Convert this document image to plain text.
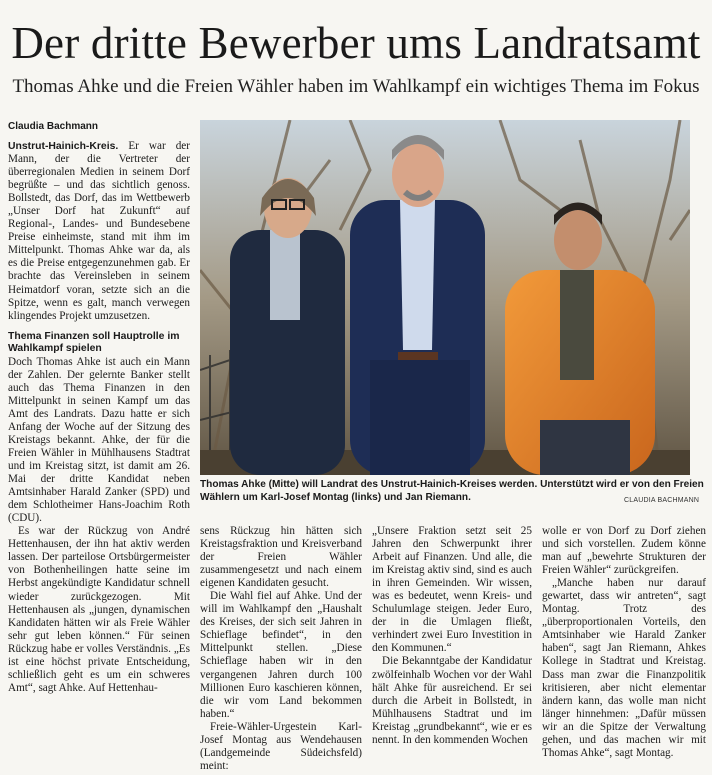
Der dritte Bewerber ums Landratsamt
Thomas Ahke und die Freien Wähler haben im Wahlkampf ein wichtiges Thema im Fokus
Claudia Bachmann

Unstrut-Hainich-Kreis. Er war der Mann, der die Vertreter der überregionalen Medien in seinem Dorf begrüßte – und das sichtlich genoss. Bollstedt, das Dorf, das im Wettbewerb „Unser Dorf hat Zukunft“ auf Regional-, Landes- und Bundesebene Preise einheimste, stand mit ihm im Mittelpunkt. Thomas Ahke war da, als es die Preise entgegenzunehmen gab. Er brachte das Vereinsleben in seinem Heimatdorf voran, setzte sich an die Spitze, wenn es galt, manch verwegen klingendes Projekt umzusetzen.

Thema Finanzen soll Hauptrolle im Wahlkampf spielen

Doch Thomas Ahke ist auch ein Mann der Zahlen. Der gelernte Banker stellt auch das Thema Finanzen in den Mittelpunkt in seinen Kampf um das Amt des Landrats. Dazu hatte er sich Anfang der Woche auf der Sitzung des Kreistags bekannt. Ahke, der für die Freien Wähler in Mühlhausens Stadtrat und im Kreistag sitzt, ist damit am 26. Mai der dritte Kandidat neben Amtsinhaber Harald Zanker (SPD) und dem Schlotheimer Hans-Joachim Roth (CDU).

Es war der Rückzug von André Hettenhausen, der ihn hat aktiv werden lassen. Der parteilose Ortsbürgermeister von Bothenheilingen hatte seine im Herbst angekündigte Kandidatur schnell wieder zurückgezogen. Mit Hettenhausen als „jungen, dynamischen Kandidaten hätten wir als Freie Wähler sehr gut leben können.“ Für seinen Rückzug habe er volles Verständnis. „Es ist eine höchst private Entscheidung, schließlich geht es um ein schweres Amt“, sagt Ahke. Auf Hettenhau-

Thomas Ahke (Mitte) will Landrat des Unstrut-Hainich-Kreises werden. Unterstützt wird er von den Freien Wählern um Karl-Josef Montag (links) und Jan Riemann.	CLAUDIA BACHMANN

sens Rückzug hin hätten sich Kreistagsfraktion und Kreisverband der Freien Wähler zusammengesetzt und nach einem eigenen Kandidaten gesucht.

Die Wahl fiel auf Ahke. Und der will im Wahlkampf den „Haushalt des Kreises, der sich seit Jahren in Schieflage befindet“, in den Mittelpunkt stellen. „Diese Schieflage haben wir in den vergangenen Jahren durch 100 Millionen Euro kaschieren können, die wir vom Land bekommen haben.“

Freie-Wähler-Urgestein Karl-Josef Montag aus Wendehausen (Landgemeinde Südeichsfeld) meint:

„Unsere Fraktion setzt seit 25 Jahren den Schwerpunkt ihrer Arbeit auf Finanzen. Und alle, die im Kreistag aktiv sind, sind es auch in ihren Gemeinden. Wir wissen, was es bedeutet, wenn Kreis- und Schulumlage steigen. Jeder Euro, der in die Umlagen fließt, verhindert zwei Euro Investition in den Kommunen.“

Die Bekanntgabe der Kandidatur zwölfeinhalb Wochen vor der Wahl hält Ahke für ausreichend. Er sei durch die Arbeit in Bollstedt, in Mühlhausens Stadtrat und im Kreistag „grundbekannt“, wie er es nennt. In den kommenden Wochen

wolle er von Dorf zu Dorf ziehen und sich vorstellen. Zudem könne man auf „bewehrte Strukturen der Freien Wähler“ zurückgreifen.

„Manche haben nur darauf gewartet, dass wir antreten“, sagt Montag. Trotz des „überproportionalen Vorteils, den Amtsinhaber wie Harald Zanker haben“, sagt Jan Riemann, Ahkes Kollege in Stadtrat und Kreistag. Dass man zwar die Finanzpolitik kritisieren, aber nicht elementar ändern kann, das wolle man nicht länger hinnehmen: „Dafür müssen wir an die Spitze der Verwaltung gehen, und das machen wir mit Thomas Ahke“, sagt Montag.
